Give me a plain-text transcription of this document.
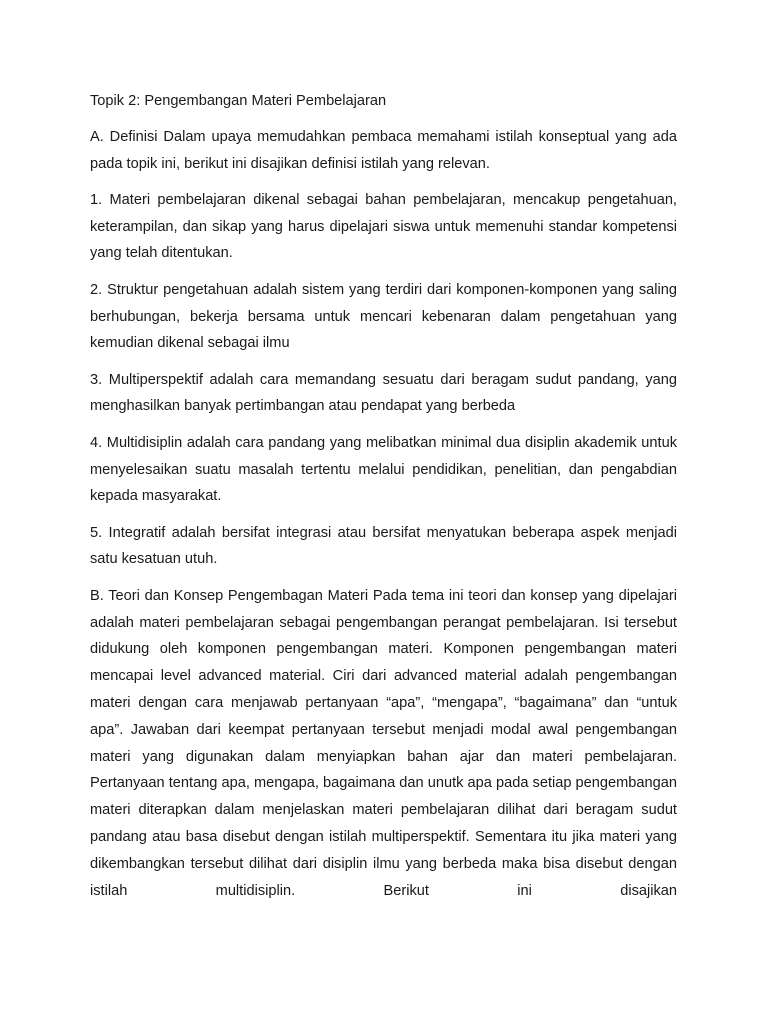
Topik 2: Pengembangan Materi Pembelajaran

A. Definisi Dalam upaya memudahkan pembaca memahami istilah konseptual yang ada pada topik ini, berikut ini disajikan definisi istilah yang relevan.

1. Materi pembelajaran dikenal sebagai bahan pembelajaran, mencakup pengetahuan, keterampilan, dan sikap yang harus dipelajari siswa untuk memenuhi standar kompetensi yang telah ditentukan.

2. Struktur pengetahuan adalah sistem yang terdiri dari komponen-komponen yang saling berhubungan, bekerja bersama untuk mencari kebenaran dalam pengetahuan yang kemudian dikenal sebagai ilmu

3. Multiperspektif adalah cara memandang sesuatu dari beragam sudut pandang, yang menghasilkan banyak pertimbangan atau pendapat yang berbeda

4. Multidisiplin adalah cara pandang yang melibatkan minimal dua disiplin akademik untuk menyelesaikan suatu masalah tertentu melalui pendidikan, penelitian, dan pengabdian kepada masyarakat.

5. Integratif adalah bersifat integrasi atau bersifat menyatukan beberapa aspek menjadi satu kesatuan utuh.

B. Teori dan Konsep Pengembagan Materi Pada tema ini teori dan konsep yang dipelajari adalah materi pembelajaran sebagai pengembangan perangat pembelajaran. Isi tersebut didukung oleh komponen pengembangan materi. Komponen pengembangan materi mencapai level advanced material. Ciri dari advanced material adalah pengembangan materi dengan cara menjawab pertanyaan “apa”, “mengapa”, “bagaimana” dan “untuk apa”. Jawaban dari keempat pertanyaan tersebut menjadi modal awal pengembangan materi yang digunakan dalam menyiapkan bahan ajar dan materi pembelajaran. Pertanyaan tentang apa, mengapa, bagaimana dan unutk apa pada setiap pengembangan materi diterapkan dalam menjelaskan materi pembelajaran dilihat dari beragam sudut pandang atau basa disebut dengan istilah multiperspektif. Sementara itu jika materi yang dikembangkan tersebut dilihat dari disiplin ilmu yang berbeda maka bisa disebut dengan istilah multidisiplin. Berikut ini disajikan
